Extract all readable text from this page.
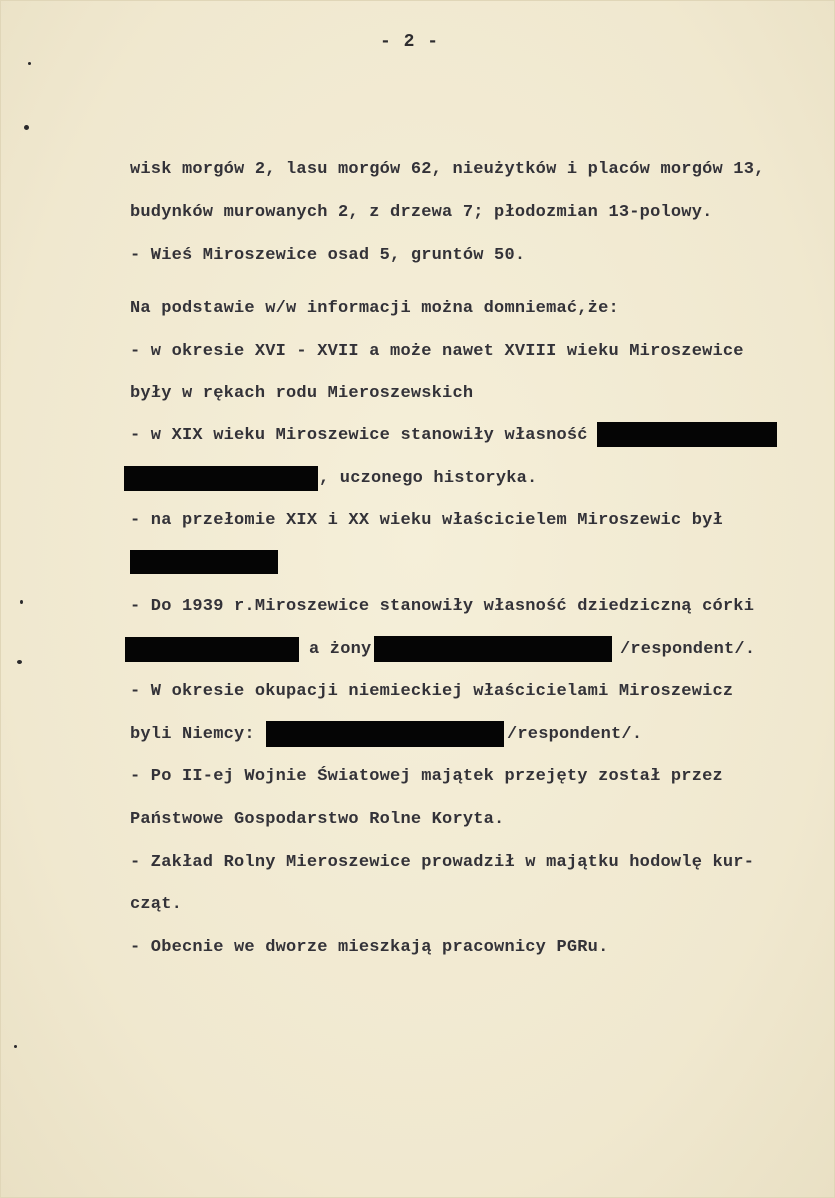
- 2 -
wisk morgów 2, lasu morgów 62, nieużytków i placów morgów 13,
budynków murowanych 2, z drzewa 7; płodozmian 13-polowy.
- Wieś Miroszewice osad 5, gruntów 50.
Na podstawie w/w informacji można domniemać,że:
- w okresie XVI - XVII a może nawet XVIII wieku Miroszewice
były w rękach rodu Mieroszewskich
- w XIX wieku Miroszewice stanowiły własność
, uczonego historyka.
- na przełomie XIX i XX wieku właścicielem Miroszewic był
- Do 1939 r.Miroszewice stanowiły własność dziedziczną córki
a żony	/respondent/.
- W okresie okupacji niemieckiej właścicielami Miroszewicz
byli Niemcy:	/respondent/.
- Po II-ej Wojnie Światowej majątek przejęty został przez
Państwowe Gospodarstwo Rolne Koryta.
- Zakład Rolny Mieroszewice prowadził w majątku hodowlę kur-
cząt.
- Obecnie we dworze mieszkają pracownicy PGRu.
